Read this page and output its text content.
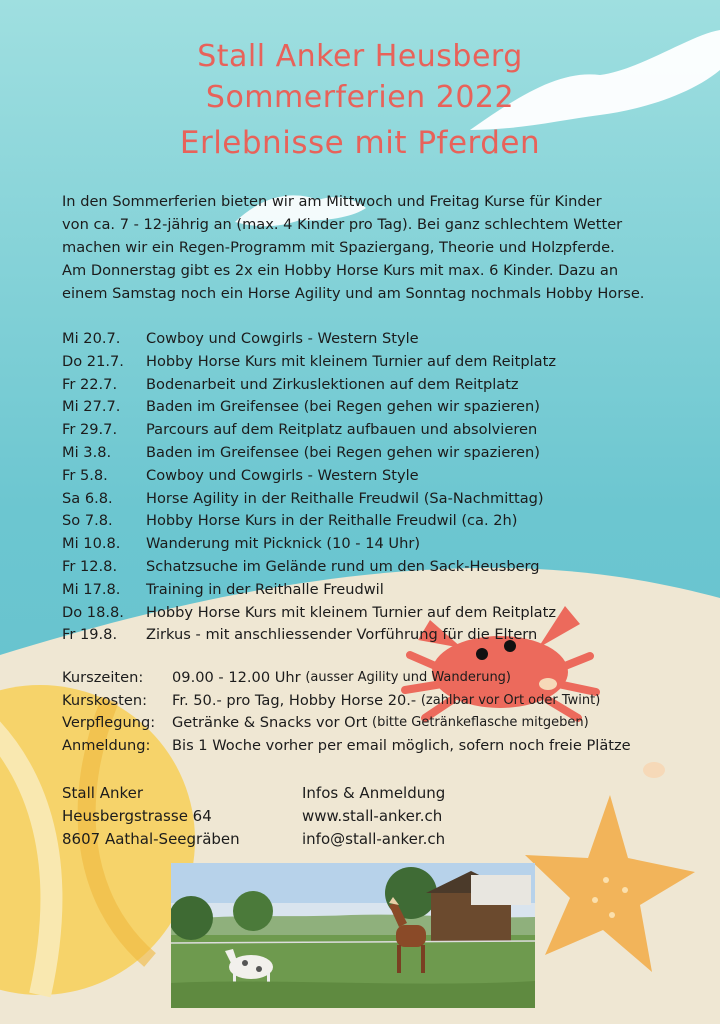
Stall Anker Heusberg
Sommerferien 2022
Erlebnisse mit Pferden
In den Sommerferien bieten wir am Mittwoch und Freitag Kurse für Kinder
von ca. 7 - 12-jährig an (max. 4 Kinder pro Tag). Bei ganz schlechtem Wetter
machen wir ein Regen-Programm mit Spaziergang, Theorie und Holzpferde.
Am Donnerstag gibt es 2x ein Hobby Horse Kurs mit max. 6 Kinder. Dazu an
einem Samstag noch ein Horse Agility und am Sonntag nochmals Hobby Horse.
Mi 20.7.	Cowboy und Cowgirls - Western Style
Do 21.7.	Hobby Horse Kurs mit kleinem Turnier auf dem Reitplatz
Fr 22.7.	Bodenarbeit und Zirkuslektionen auf dem Reitplatz
Mi 27.7.	Baden im Greifensee (bei Regen gehen wir spazieren)
Fr 29.7.	Parcours auf dem Reitplatz aufbauen und absolvieren
Mi 3.8.	Baden im Greifensee (bei Regen gehen wir spazieren)
Fr 5.8.	Cowboy und Cowgirls - Western Style
Sa 6.8.	Horse Agility in der Reithalle Freudwil (Sa-Nachmittag)
So 7.8.	Hobby Horse Kurs in der Reithalle Freudwil (ca. 2h)
Mi 10.8.	Wanderung mit Picknick (10 - 14 Uhr)
Fr 12.8.	Schatzsuche im Gelände rund um den Sack-Heusberg
Mi 17.8.	Training in der Reithalle Freudwil
Do 18.8.	Hobby Horse Kurs mit kleinem Turnier auf dem Reitplatz
Fr 19.8.	Zirkus - mit anschliessender Vorführung für die Eltern
Kurszeiten:	09.00 - 12.00 Uhr
(ausser Agility und Wanderung)
Kurskosten:	Fr. 50.- pro Tag, Hobby Horse 20.-
(zahlbar vor Ort oder Twint)
Verpflegung:	Getränke & Snacks vor Ort
(bitte Getränkeflasche mitgeben)
Anmeldung:	Bis 1 Woche vorher per email möglich, sofern noch freie Plätze
Stall Anker
Heusbergstrasse 64
8607 Aathal-Seegräben
Infos & Anmeldung
www.stall-anker.ch
info@stall-anker.ch
